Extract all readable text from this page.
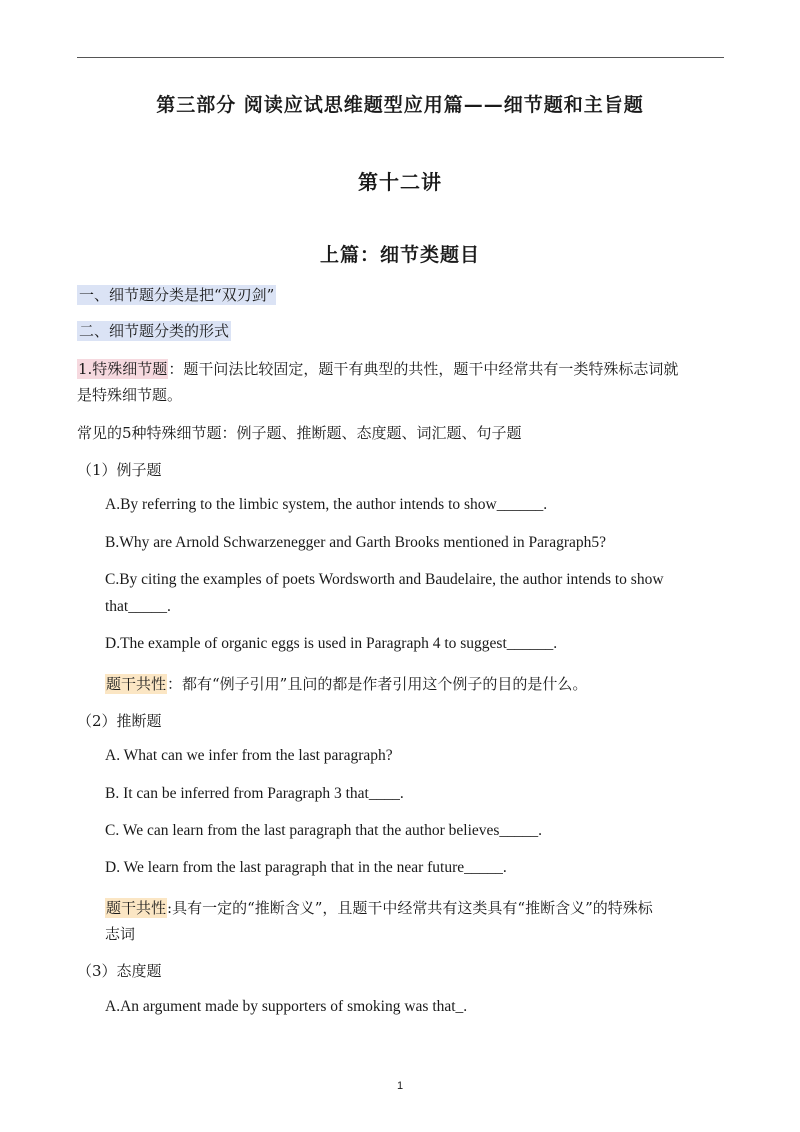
第三部分 阅读应试思维题型应用篇——细节题和主旨题
第十二讲
上篇：细节类题目
一、细节题分类是把“双刃剑”
二、细节题分类的形式
1.特殊细节题：题干问法比较固定，题干有典型的共性，题干中经常共有一类特殊标志词就
是特殊细节题。
常见的5种特殊细节题：例子题、推断题、态度题、词汇题、句子题
（1）例子题
A.By referring to the limbic system, the author intends to show______.
B.Why are Arnold Schwarzenegger and Garth Brooks mentioned in Paragraph5?
C.By citing the examples of poets Wordsworth and Baudelaire, the author intends to show
that_____.
D.The example of organic eggs is used in Paragraph 4 to suggest______.
题干共性：都有“例子引用”且问的都是作者引用这个例子的目的是什么。
（2）推断题
A. What can we infer from the last paragraph?
B. It can be inferred from Paragraph 3 that____.
C. We can learn from the last paragraph that the author believes_____.
D. We learn from the last paragraph that in the near future_____.
题干共性:具有一定的“推断含义”，且题干中经常共有这类具有“推断含义”的特殊标
志词
（3）态度题
A.An argument made by supporters of smoking was that_.
1
